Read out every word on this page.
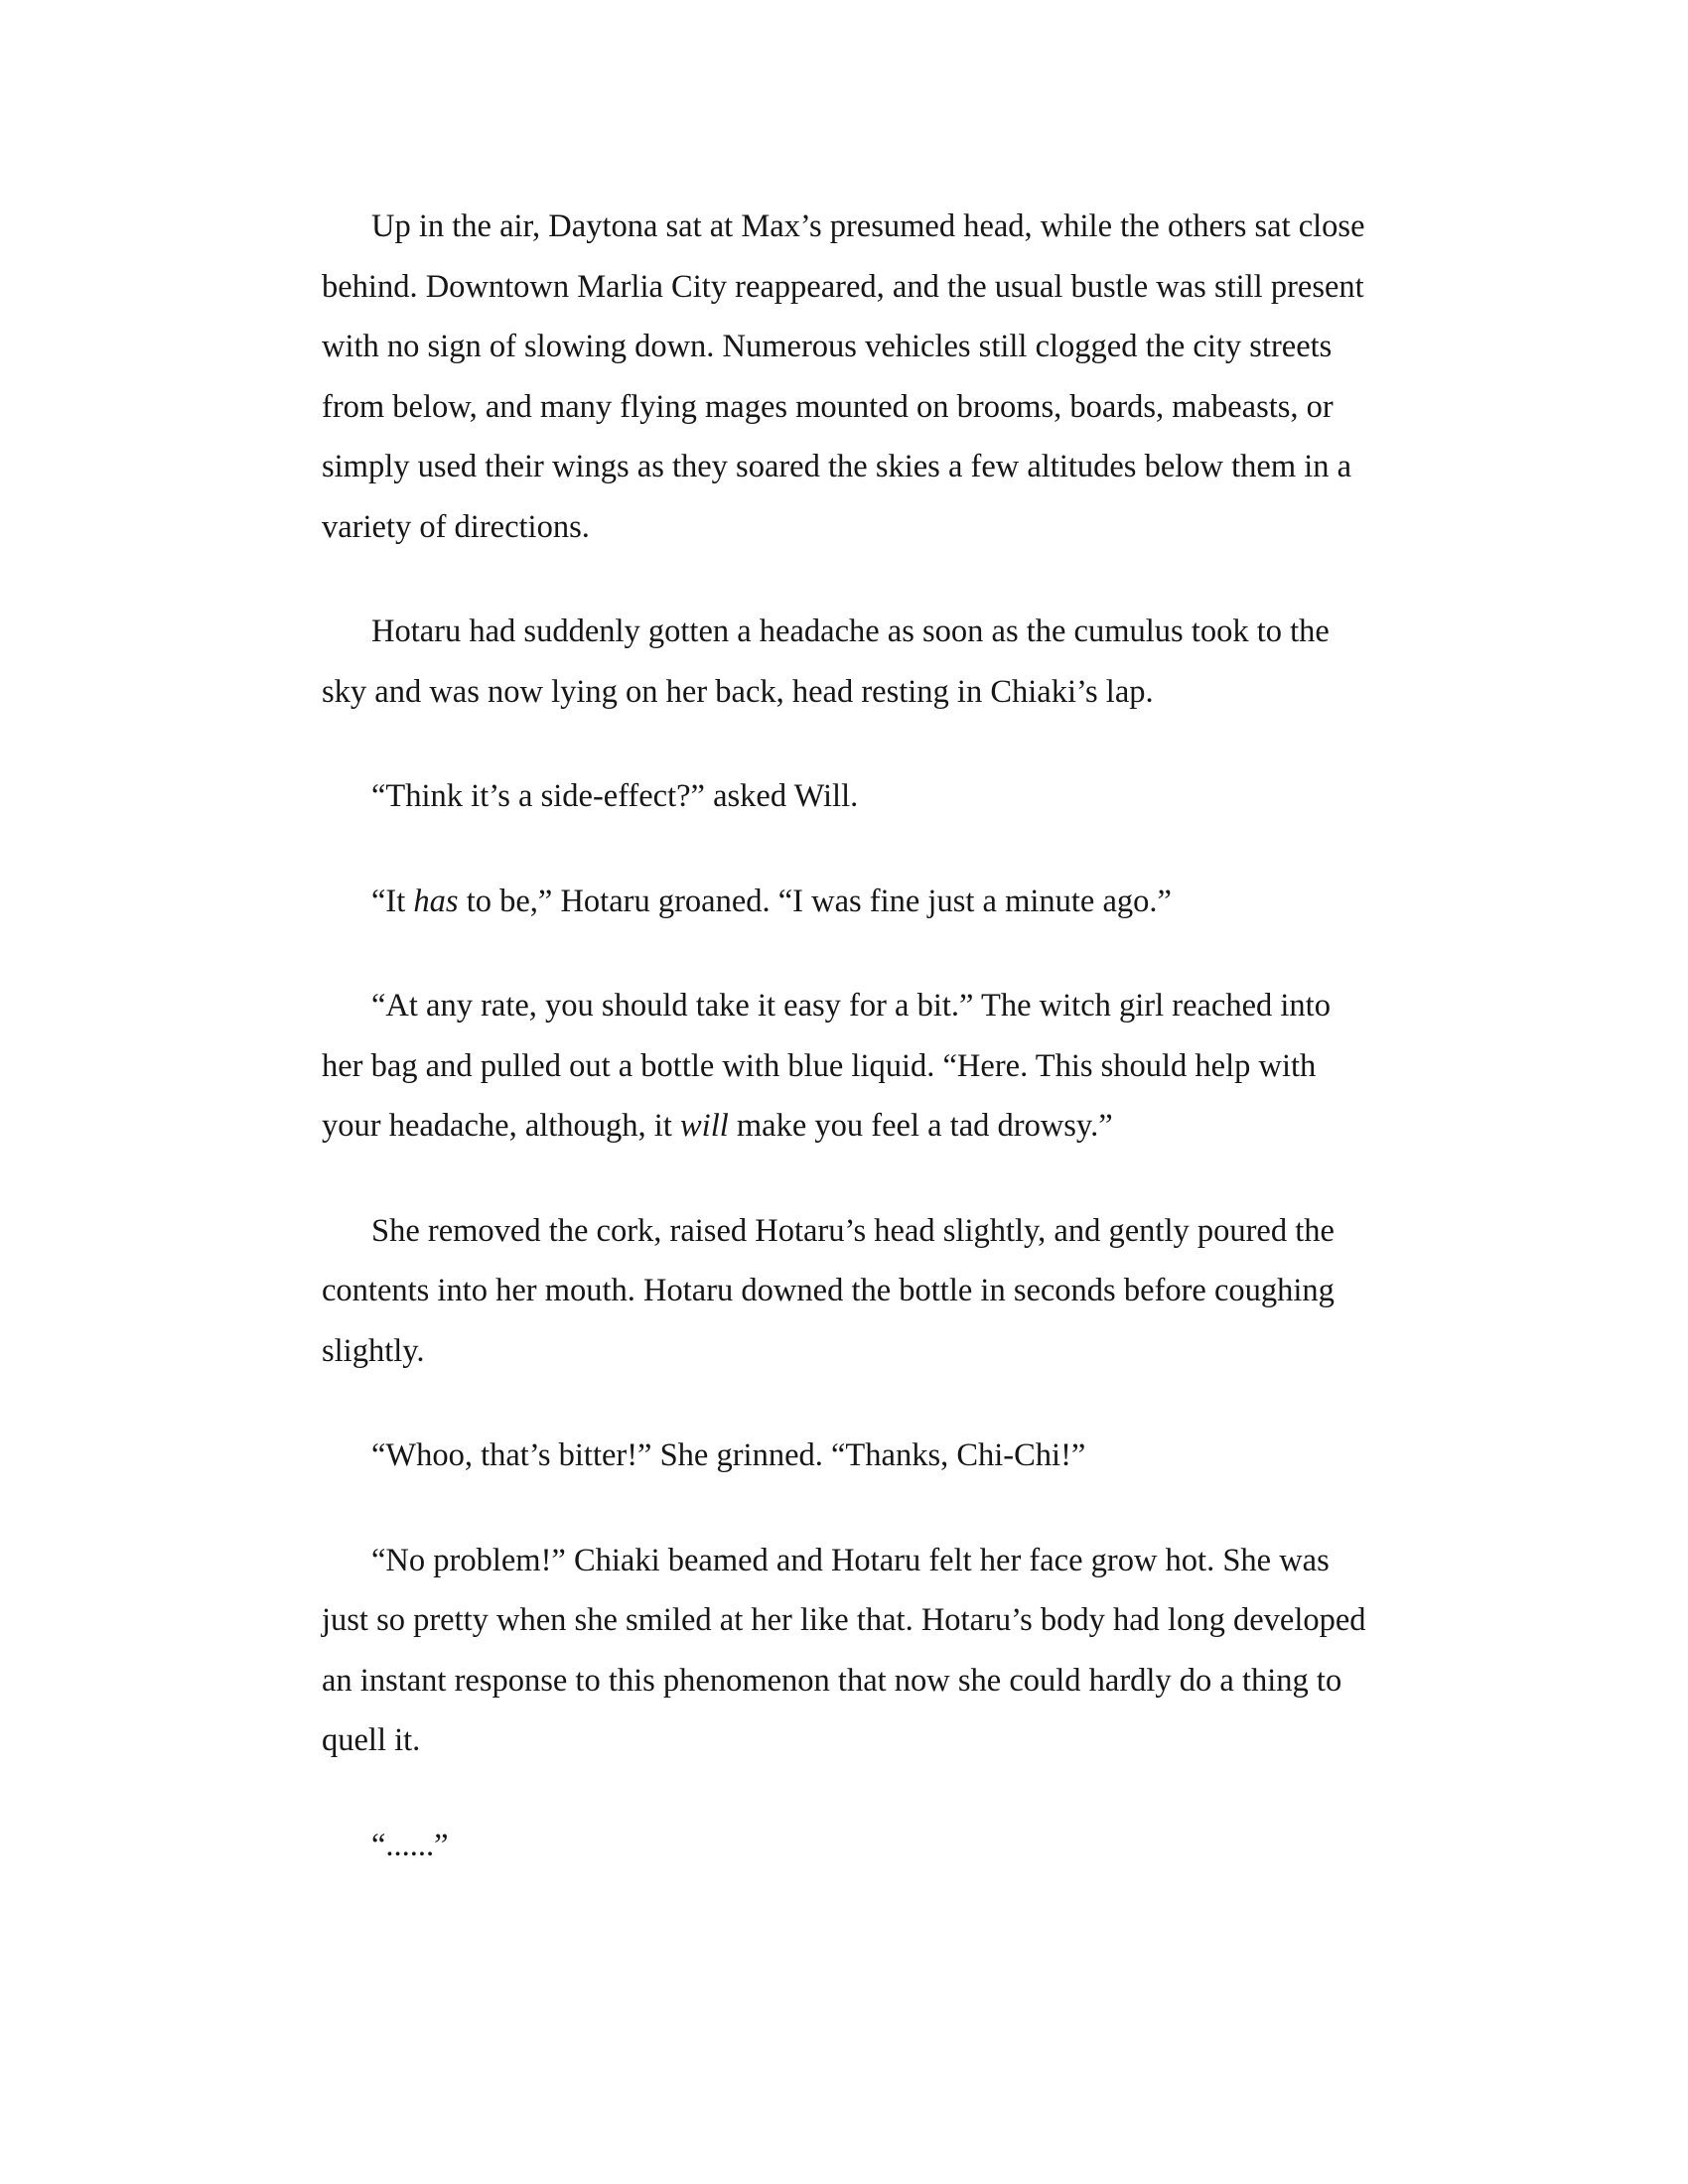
Up in the air, Daytona sat at Max’s presumed head, while the others sat close behind. Downtown Marlia City reappeared, and the usual bustle was still present with no sign of slowing down. Numerous vehicles still clogged the city streets from below, and many flying mages mounted on brooms, boards, mabeasts, or simply used their wings as they soared the skies a few altitudes below them in a variety of directions.

Hotaru had suddenly gotten a headache as soon as the cumulus took to the sky and was now lying on her back, head resting in Chiaki’s lap.

“Think it’s a side-effect?” asked Will.

“It has to be,” Hotaru groaned. “I was fine just a minute ago.”

“At any rate, you should take it easy for a bit.” The witch girl reached into her bag and pulled out a bottle with blue liquid. “Here. This should help with your headache, although, it will make you feel a tad drowsy.”

She removed the cork, raised Hotaru’s head slightly, and gently poured the contents into her mouth. Hotaru downed the bottle in seconds before coughing slightly.

“Whoo, that’s bitter!” She grinned. “Thanks, Chi-Chi!”

“No problem!” Chiaki beamed and Hotaru felt her face grow hot. She was just so pretty when she smiled at her like that. Hotaru’s body had long developed an instant response to this phenomenon that now she could hardly do a thing to quell it.

“......”
